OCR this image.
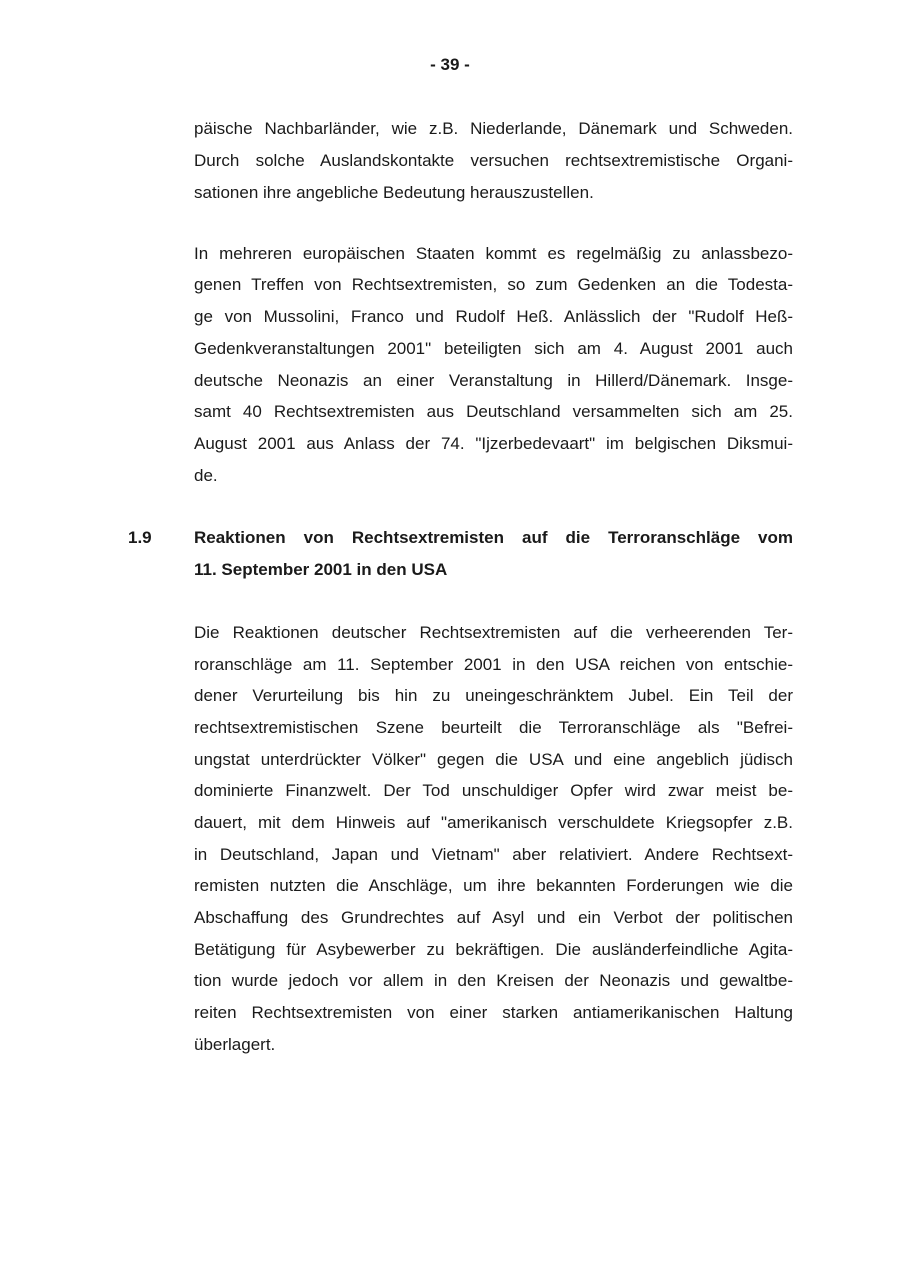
- 39 -
päische Nachbarländer, wie z.B. Niederlande, Dänemark und Schweden.
Durch solche Auslandskontakte versuchen rechtsextremistische Organi-
sationen ihre angebliche Bedeutung herauszustellen.
In mehreren europäischen Staaten kommt es regelmäßig zu anlassbezo-
genen Treffen von Rechtsextremisten, so zum Gedenken an die Todesta-
ge von Mussolini, Franco und Rudolf Heß. Anlässlich der "Rudolf Heß-
Gedenkveranstaltungen 2001" beteiligten sich am 4. August 2001 auch
deutsche Neonazis an einer Veranstaltung in Hillerd/Dänemark. Insge-
samt 40 Rechtsextremisten aus Deutschland versammelten sich am 25.
August 2001 aus Anlass der 74. "Ijzerbedevaart" im belgischen Diksmui-
de.
1.9 Reaktionen von Rechtsextremisten auf die Terroranschläge vom
11. September 2001 in den USA
Die Reaktionen deutscher Rechtsextremisten auf die verheerenden Ter-
roranschläge am 11. September 2001 in den USA reichen von entschie-
dener Verurteilung bis hin zu uneingeschränktem Jubel. Ein Teil der
rechtsextremistischen Szene beurteilt die Terroranschläge als "Befrei-
ungstat unterdrückter Völker" gegen die USA und eine angeblich jüdisch
dominierte Finanzwelt. Der Tod unschuldiger Opfer wird zwar meist be-
dauert, mit dem Hinweis auf "amerikanisch verschuldete Kriegsopfer z.B.
in Deutschland, Japan und Vietnam" aber relativiert. Andere Rechtsext-
remisten nutzten die Anschläge, um ihre bekannten Forderungen wie die
Abschaffung des Grundrechtes auf Asyl und ein Verbot der politischen
Betätigung für Asybewerber zu bekräftigen. Die ausländerfeindliche Agita-
tion wurde jedoch vor allem in den Kreisen der Neonazis und gewaltbe-
reiten Rechtsextremisten von einer starken antiamerikanischen Haltung
überlagert.
